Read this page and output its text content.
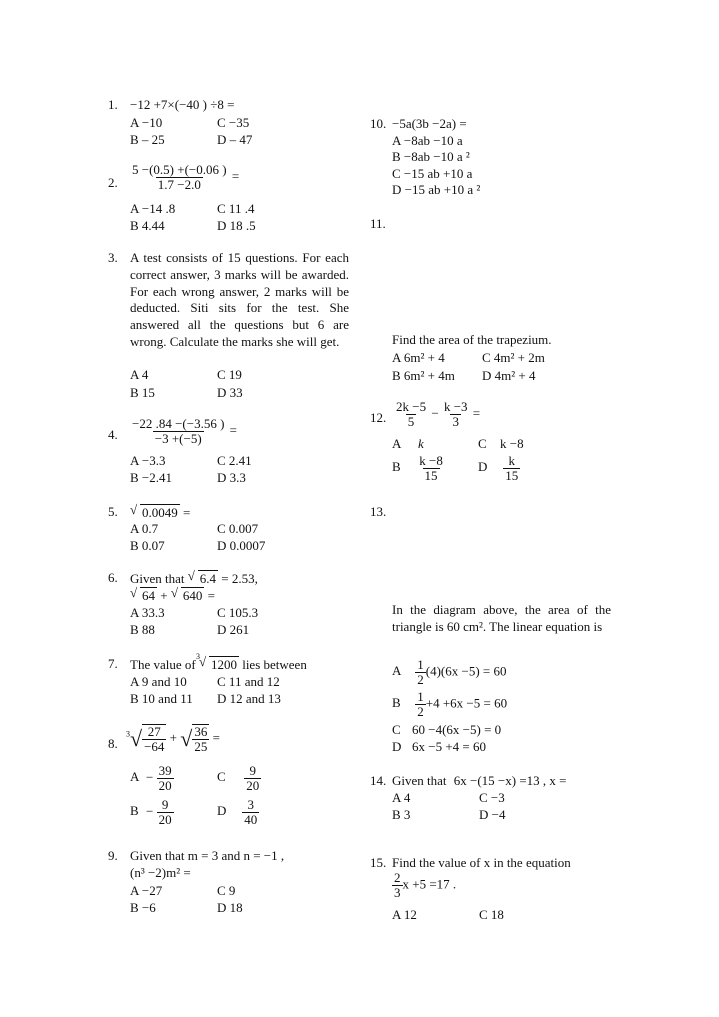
1. −12 +7×(−40 ) ÷8 =
A −10	C −35
B – 25	D – 47
2. $\frac{5 -(0.5) +(-0.06 )}{1.7 -2.0}$ =
A −14 .8	C 11 .4
B 4.44	D 18 .5
3. A test consists of 15 questions. For each correct answer, 3 marks will be awarded. For each wrong answer, 2 marks will be deducted. Siti sits for the test. She answered all the questions but 6 are wrong. Calculate the marks she will get.
A 4	C 19
B 15	D 33
4. $\frac{-22 .84 -(-3.56 )}{-3 +(-5)}$ =
A −3.3	C 2.41
B −2.41	D 3.3
5. √ 0.0049 =
A 0.7	C 0.007
B 0.07	D 0.0007
6. Given that √ 6.4 = 2.53,
√ 64 + √ 640 =
A 33.3	C 105.3
B 88	D 261
7. The value of
3 √ 1200 lies between
A 9 and 10 C 11 and 12
B 10 and 11 D 12 and 13
8.
$^3√ \frac{27}{-64}$ + √ $\frac{36}{25}$ =
$A - \frac{39}{20}$	C $\frac{9}{20}$
$B - \frac{9}{20}$	D $\frac{3}{40}$
9. Given that m = 3 and n = −1 ,
(n³ −2)m² =
A −27	C 9
B −6	D 18
10. −5a(3b −2a) =
A −8ab −10 a
B −8ab −10 a ²
C −15 ab +10 a
D −15 ab +10 a ²
11.
Find the area of the trapezium.
A 6m² + 4	C 4m² + 2m
B 6m² + 4m D 4m² + 4
12. $\frac{2k -5}{5} - \frac{k -3}{3}$ =
A k	C k −8
B $\frac{k -8}{15}$	D $\frac{k}{15}$
13.
In the diagram above, the area of the triangle is 60 cm². The linear equation is
A $\frac{1}{2} (4)(6x -5) = 60$
B $\frac{1}{2} +4 +6x -5 = 60$
C 60 −4(6x −5) = 0
D 6x −5 +4 = 60
14. Given that 6x −(15 −x) =13 , x =
A 4	C −3
B 3	D −4
15. Find the value of x in the equation
$\frac{2}{3}$ x +5 =17 .
A 12	C 18
